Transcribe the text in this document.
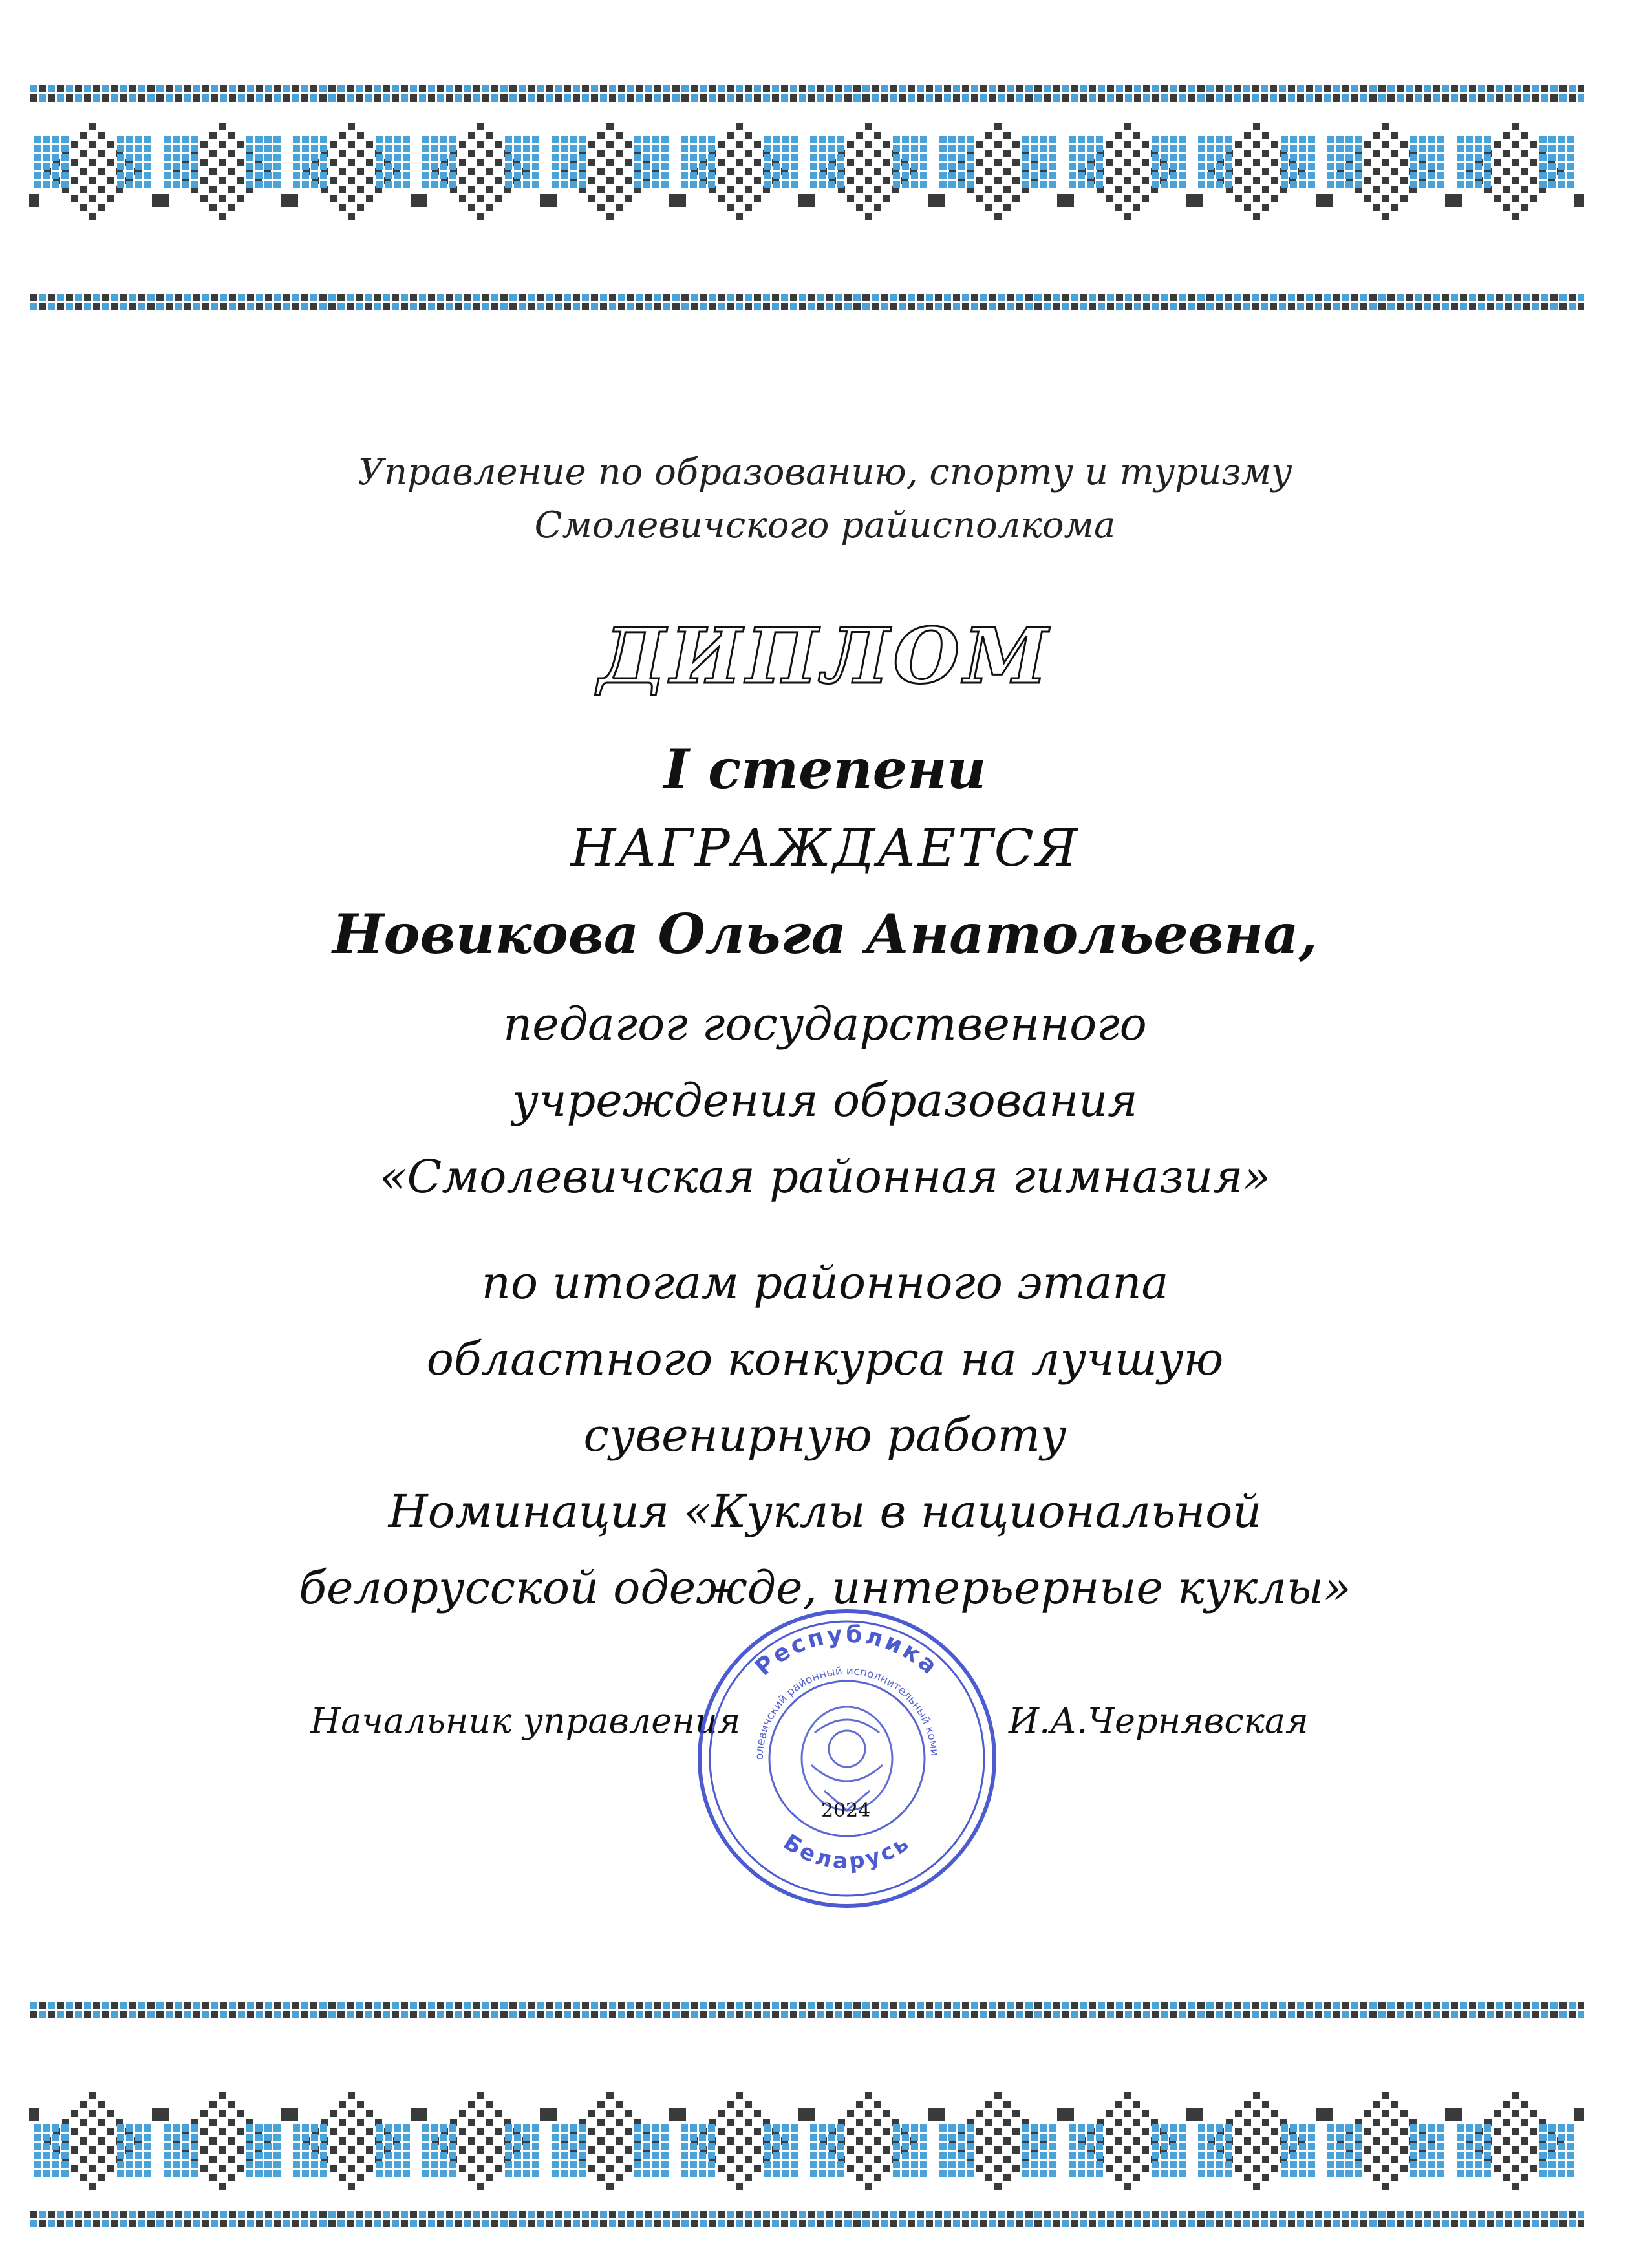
Управление по образованию, спорту и туризму
Смолевичского райисполкома
ДИПЛОМ
I степени
НАГРАЖДАЕТСЯ
Новикова Ольга Анатольевна,
педагог государственного
учреждения образования
«Смолевичская районная гимназия»
по итогам районного этапа
областного конкурса на лучшую
сувенирную работу
Номинация «Куклы в национальной
белорусской одежде, интерьерные куклы»
Начальник управления	И.А.Чернявская
Республика
Беларусь
олевичский районный исполнительный коми
2024
